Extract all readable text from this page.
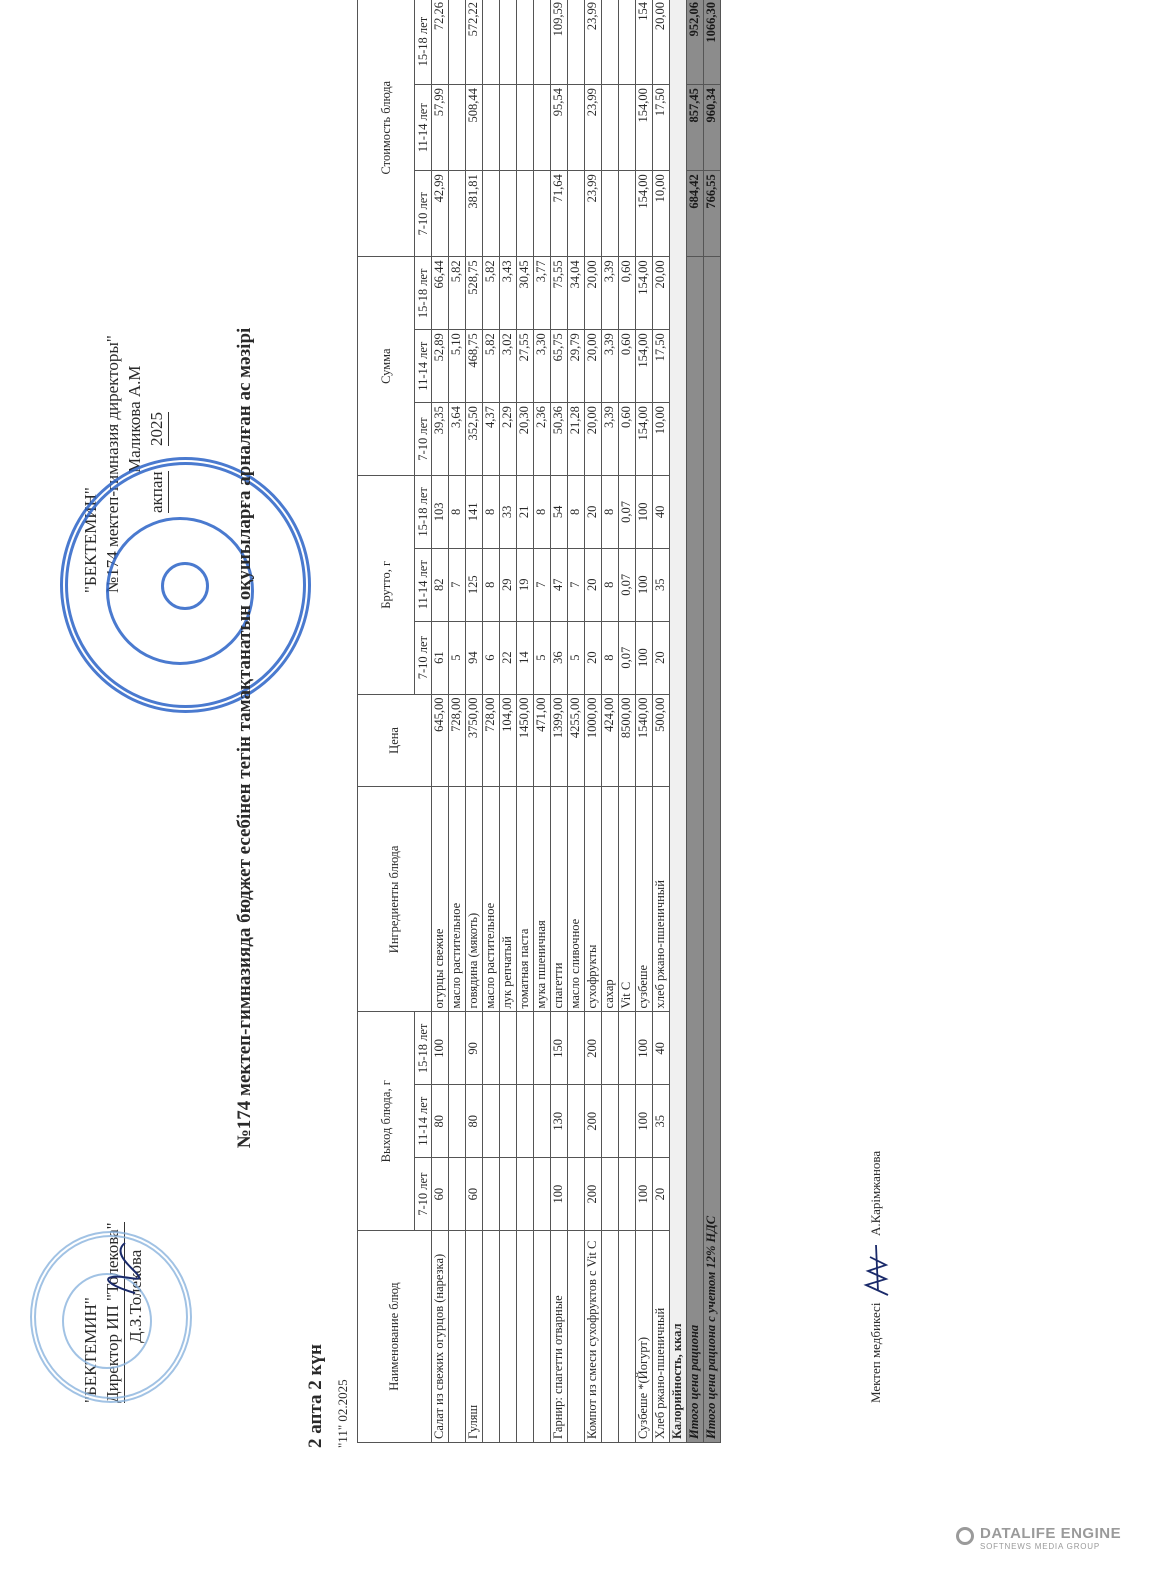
"БЕКТЕМИН" Директор ИП "Толекова" Д.З.Толекова
"БЕКТЕМИН" №174 мектеп-гимназия директоры" Маликова А.М
акпан      2025	№174 мектеп-гимназияда бюджет есебінен тегін тамақтанатын оқушыларға арналған ас мәзірі
2 апта 2 күн "11" 02.2025
Наименование блюд	Выход блюда, г			Ингредиенты блюда	Цена	Брутто, г			Сумма			Стоимость блюда		
	7-10 лет	11-14 лет	15-18 лет			7-10 лет	11-14 лет	15-18 лет	7-10 лет	11-14 лет	15-18 лет	7-10 лет	11-14 лет	15-18 лет
Салат из свежих огурцов (нарезка)	60	80	100	огурцы свежие	645,00	61	82	103	39,35	52,89	66,44	42,99	57,99	72,26
				масло растительное	728,00	5	7	8	3,64	5,10	5,82			
Гуляш	60	80	90	говядина (мякоть)	3750,00	94	125	141	352,50	468,75	528,75	381,81	508,44	572,22
				масло растительное	728,00	6	8	8	4,37	5,82	5,82			
				лук репчатый	104,00	22	29	33	2,29	3,02	3,43			
				томатная паста	1450,00	14	19	21	20,30	27,55	30,45			
				мука пшеничная	471,00	5	7	8	2,36	3,30	3,77			
Гарнир: спагетти отварные	100	130	150	спагетти	1399,00	36	47	54	50,36	65,75	75,55	71,64	95,54	109,59
				масло сливочное	4255,00	5	7	8	21,28	29,79	34,04			
Компот из смеси сухофруктов с Vit C	200	200	200	сухофрукты	1000,00	20	20	20	20,00	20,00	20,00	23,99	23,99	23,99
				сахар	424,00	8	8	8	3,39	3,39	3,39			
				Vit C	8500,00	0,07	0,07	0,07	0,60	0,60	0,60			
Сузбеше *(Йогурт)	100	100	100	сузбеше	1540,00	100	100	100	154,00	154,00	154,00	154,00	154,00	154
Хлеб ржано-пшеничный	20	35	40	хлеб ржано-пшеничный	500,00	20	35	40	10,00	17,50	20,00	10,00	17,50	20,00
Калорийность, ккал														
Итого цена рациона												684,42	857,45	952,06
Итого цена рациона с учетом 12% НДС												766,55	960,34	1066,30
Мектеп медбикесі  А.Карімжанова
DATALIFE ENGINE
SOFTNEWS MEDIA GROUP
